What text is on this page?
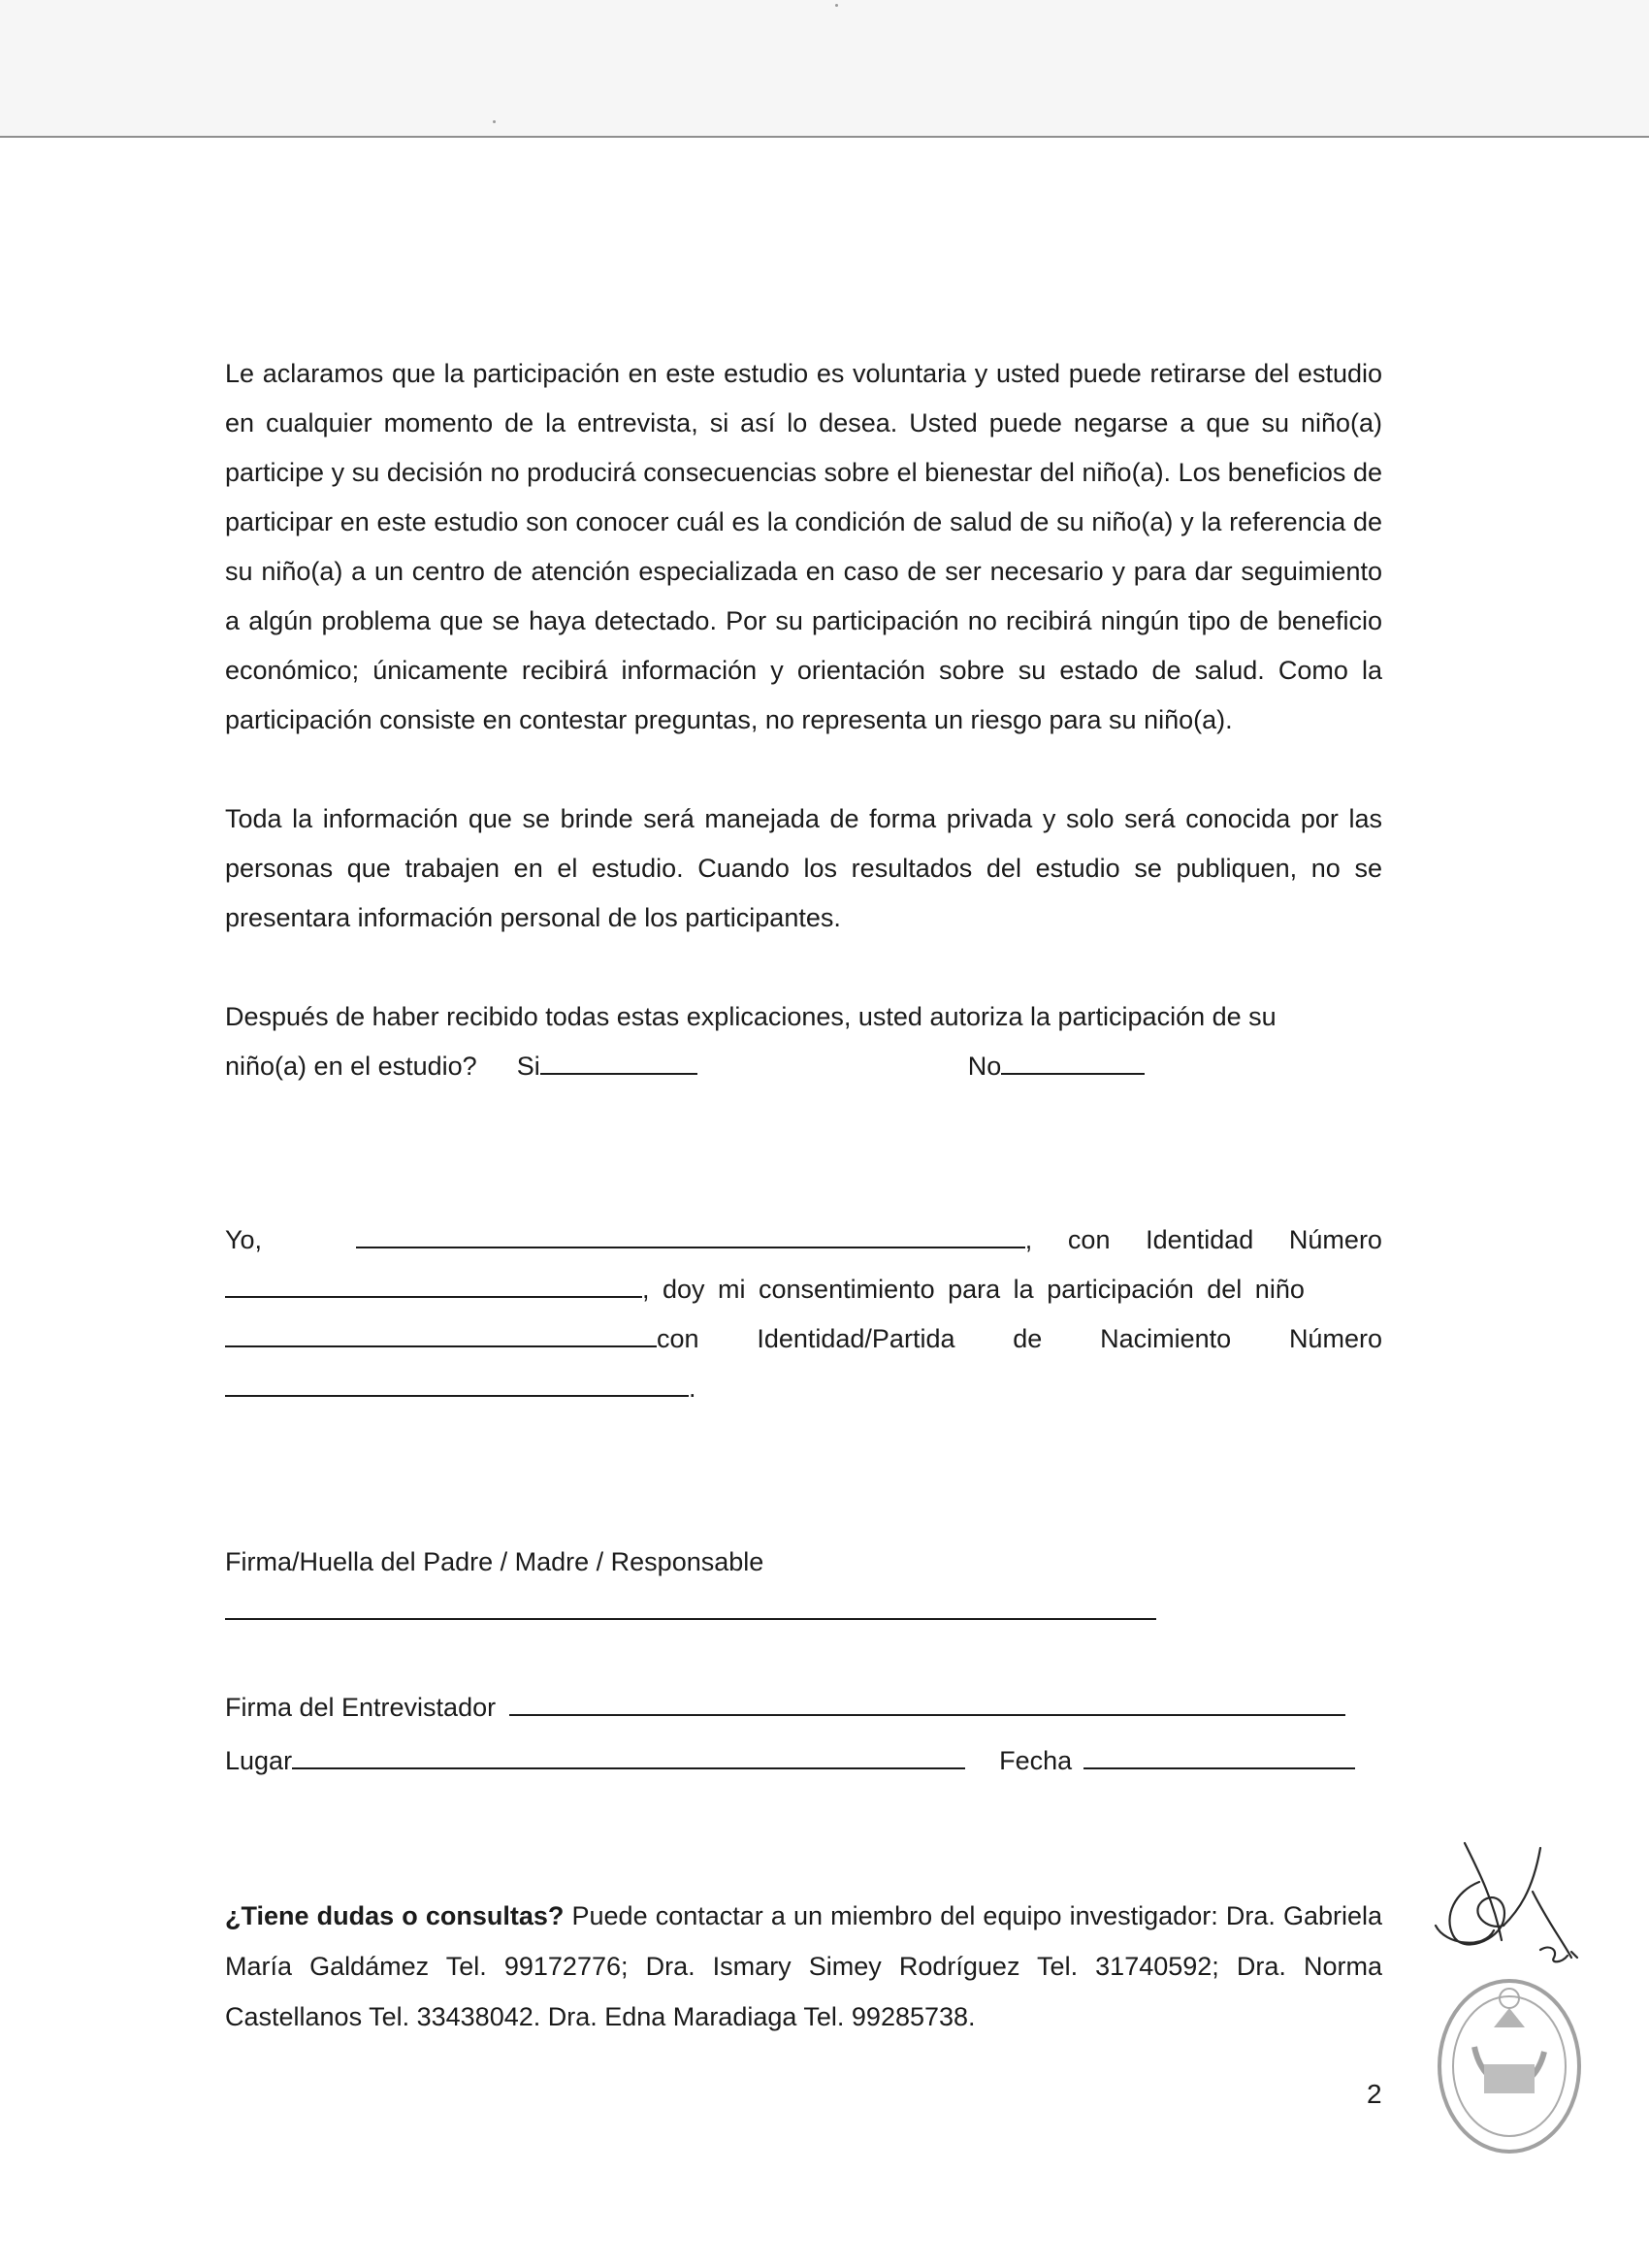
Le aclaramos que la participación en este estudio es voluntaria y usted puede retirarse del estudio en cualquier momento de la entrevista, si así lo desea. Usted puede negarse a que su niño(a) participe y su decisión no producirá consecuencias sobre el bienestar del niño(a). Los beneficios de participar en este estudio son conocer cuál es la condición de salud de su niño(a) y la referencia de su niño(a) a un centro de atención especializada en caso de ser necesario y para dar seguimiento a algún problema que se haya detectado. Por su participación no recibirá ningún tipo de beneficio económico; únicamente recibirá información y orientación sobre su estado de salud. Como la participación consiste en contestar preguntas, no representa un riesgo para su niño(a).

Toda la información que se brinde será manejada de forma privada y solo será conocida por las personas que trabajen en el estudio. Cuando los resultados del estudio se publiquen, no se presentara información personal de los participantes.

Después de haber recibido todas estas explicaciones, usted autoriza la participación de su
niño(a) en el estudio? Si	No
Yo,	, con Identidad Número
, doy mi consentimiento para la participación del niño
con Identidad/Partida de Nacimiento Número
.
Firma/Huella del Padre / Madre / Responsable
Firma del Entrevistador
Lugar	Fecha

¿Tiene dudas o consultas? Puede contactar a un miembro del equipo investigador: Dra. Gabriela María Galdámez Tel. 99172776; Dra. Ismary Simey Rodríguez Tel. 31740592; Dra. Norma Castellanos Tel. 33438042. Dra. Edna Maradiaga Tel. 99285738.

2
